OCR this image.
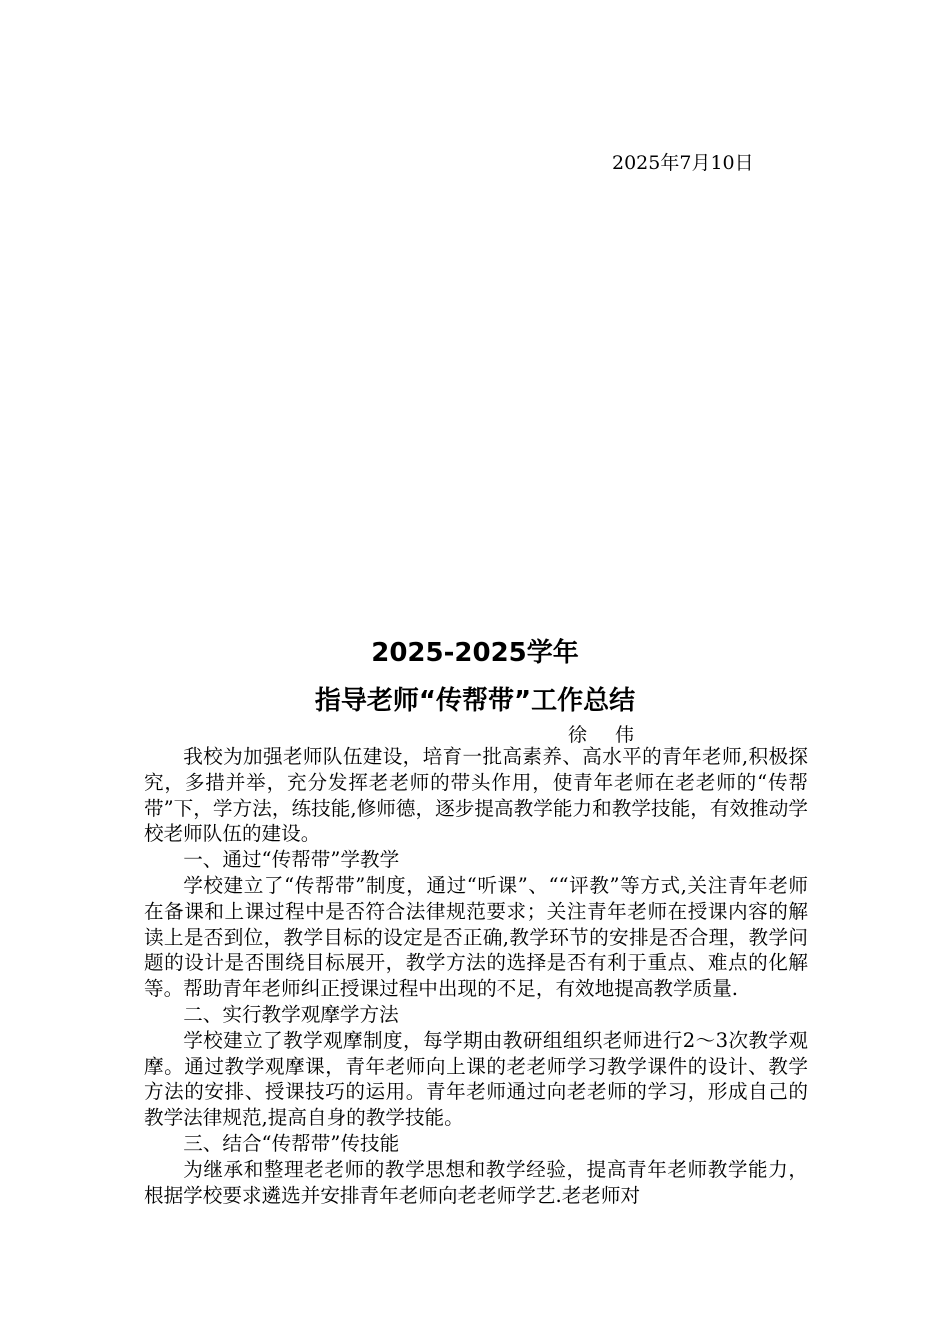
2025年7月10日
2025-2025学年
指导老师“传帮带”工作总结
徐伟

我校为加强老师队伍建设，培育一批高素养、高水平的青年老师,积极探究，多措并举，充分发挥老老师的带头作用，使青年老师在老老师的“传帮带”下，学方法，练技能,修师德，逐步提高教学能力和教学技能，有效推动学校老师队伍的建设。

一、通过“传帮带”学教学

学校建立了“传帮带”制度，通过“听课”、““评教”等方式,关注青年老师在备课和上课过程中是否符合法律规范要求；关注青年老师在授课内容的解读上是否到位，教学目标的设定是否正确,教学环节的安排是否合理，教学问题的设计是否围绕目标展开，教学方法的选择是否有利于重点、难点的化解等。帮助青年老师纠正授课过程中出现的不足，有效地提高教学质量.

二、实行教学观摩学方法

学校建立了教学观摩制度，每学期由教研组组织老师进行2～3次教学观摩。通过教学观摩课，青年老师向上课的老老师学习教学课件的设计、教学方法的安排、授课技巧的运用。青年老师通过向老老师的学习，形成自己的教学法律规范,提高自身的教学技能。

三、结合“传帮带”传技能

为继承和整理老老师的教学思想和教学经验，提高青年老师教学能力，根据学校要求遴选并安排青年老师向老老师学艺.老老师对
